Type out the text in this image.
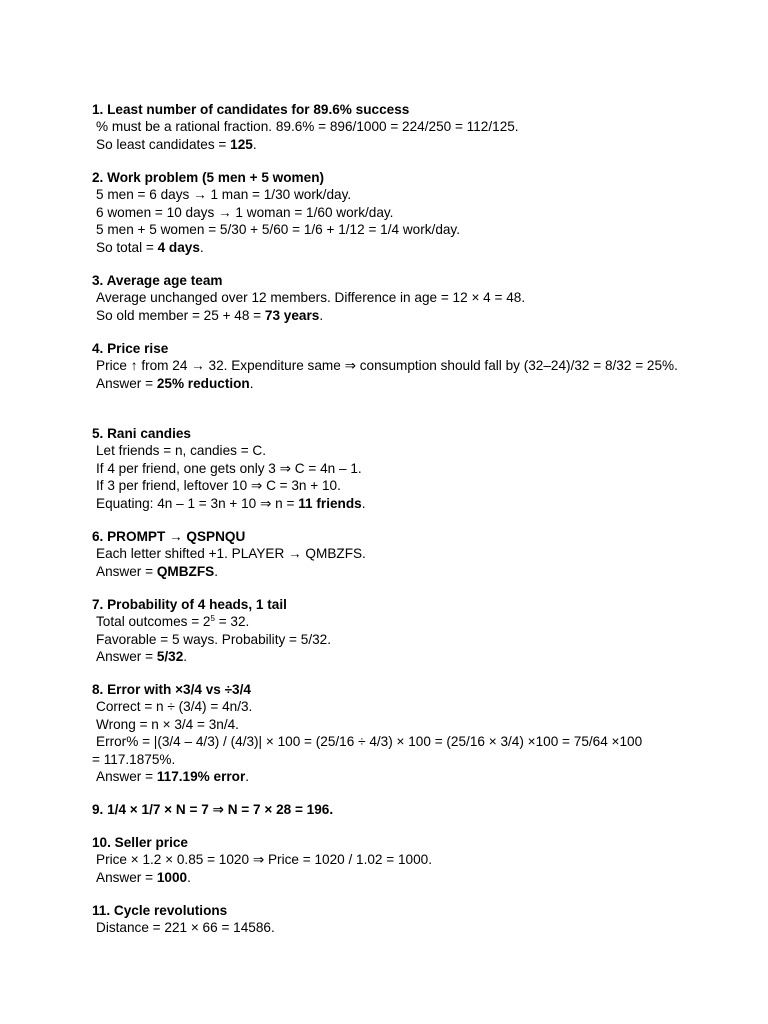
1. Least number of candidates for 89.6% success
% must be a rational fraction. 89.6% = 896/1000 = 224/250 = 112/125.
So least candidates = 125.
2. Work problem (5 men + 5 women)
5 men = 6 days → 1 man = 1/30 work/day.
6 women = 10 days → 1 woman = 1/60 work/day.
5 men + 5 women = 5/30 + 5/60 = 1/6 + 1/12 = 1/4 work/day.
So total = 4 days.
3. Average age team
Average unchanged over 12 members. Difference in age = 12 × 4 = 48.
So old member = 25 + 48 = 73 years.
4. Price rise
Price ↑ from 24 → 32. Expenditure same ⇒ consumption should fall by (32–24)/32 = 8/32 = 25%.
Answer = 25% reduction.
5. Rani candies
Let friends = n, candies = C.
If 4 per friend, one gets only 3 ⇒ C = 4n – 1.
If 3 per friend, leftover 10 ⇒ C = 3n + 10.
Equating: 4n – 1 = 3n + 10 ⇒ n = 11 friends.
6. PROMPT → QSPNQU
Each letter shifted +1. PLAYER → QMBZFS.
Answer = QMBZFS.
7. Probability of 4 heads, 1 tail
Total outcomes = $2^5 = 32$.
Favorable = 5 ways. Probability = 5/32.
Answer = 5/32.
8. Error with ×3/4 vs ÷3/4
Correct = n ÷ (3/4) = 4n/3.
Wrong = n × 3/4 = 3n/4.
Error% = |(3/4 – 4/3) / (4/3)| × 100 = (25/16 ÷ 4/3) × 100 = (25/16 × 3/4) ×100 = 75/64 ×100
= 117.1875%.
Answer = 117.19% error.
9. 1/4 × 1/7 × N = 7 ⇒ N = 7 × 28 = 196.
10. Seller price
Price × 1.2 × 0.85 = 1020 ⇒ Price = 1020 / 1.02 = 1000.
Answer = 1000.
11. Cycle revolutions
Distance = 221 × 66 = 14586.
